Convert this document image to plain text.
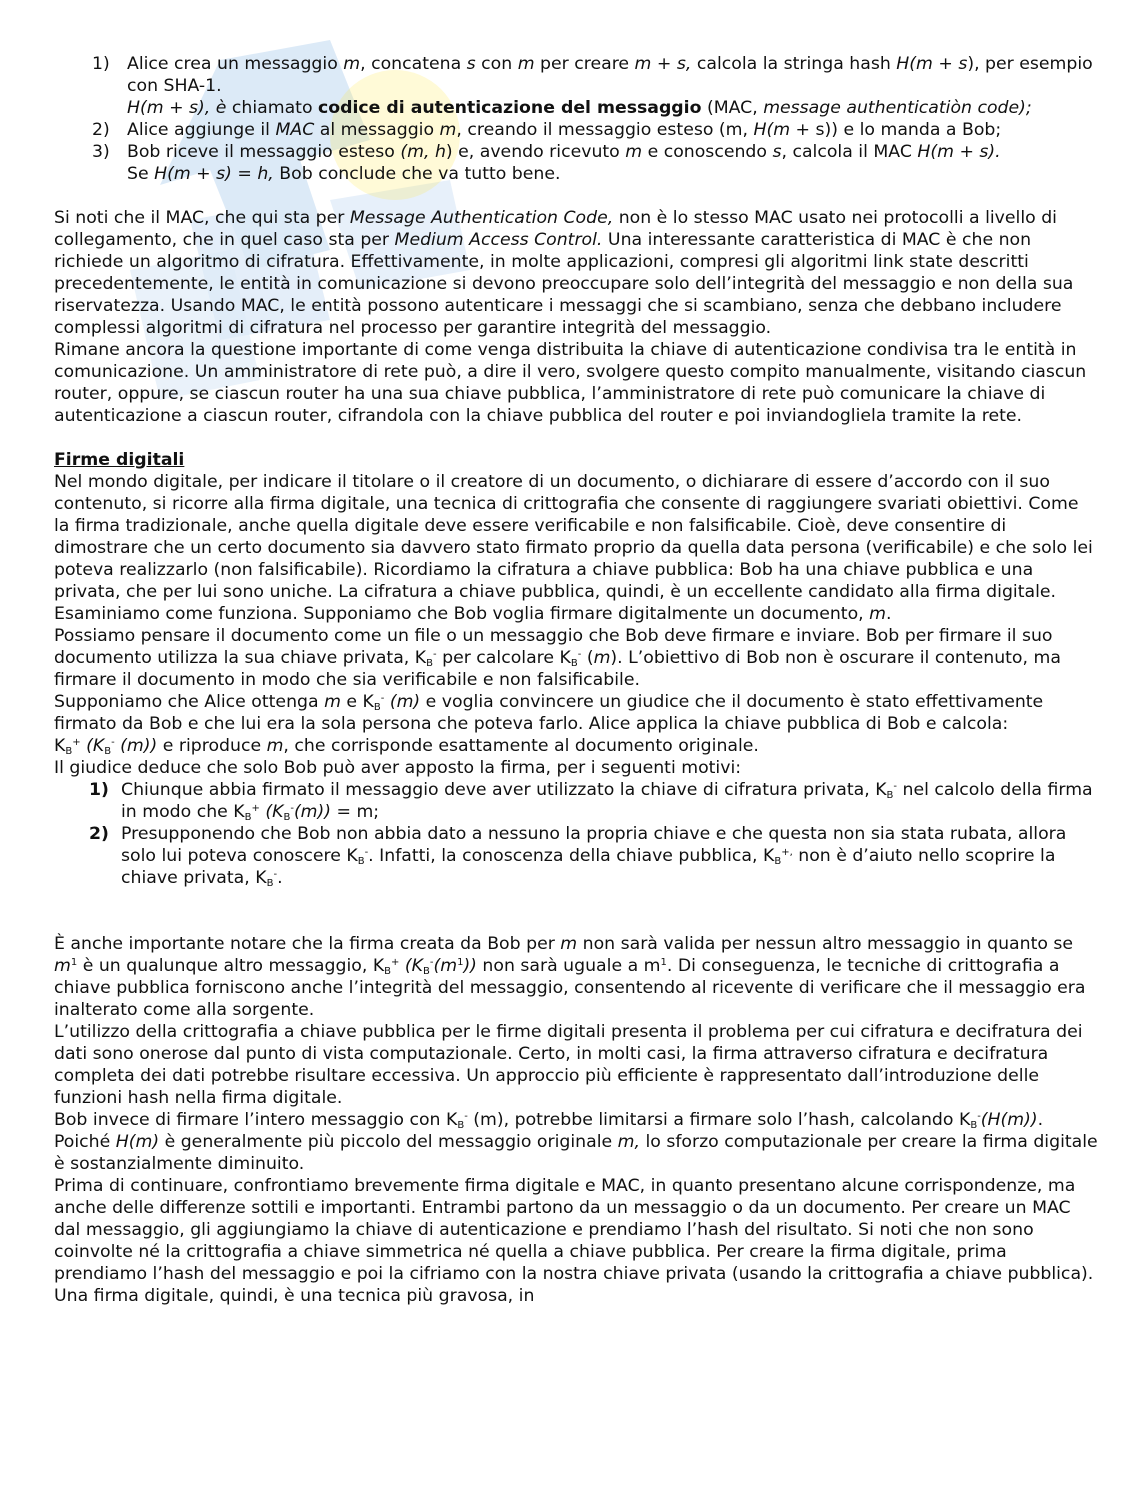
1) Alice crea un messaggio m, concatena s con m per creare m + s, calcola la stringa hash H(m + s), per esempio con SHA-1.
H(m + s), è chiamato codice di autenticazione del messaggio (MAC, message authenticatiòn code);
2) Alice aggiunge il MAC al messaggio m, creando il messaggio esteso (m, H(m + s)) e lo manda a Bob;
3) Bob riceve il messaggio esteso (m, h) e, avendo ricevuto m e conoscendo s, calcola il MAC H(m + s).
Se H(m + s) = h, Bob conclude che va tutto bene.

Si noti che il MAC, che qui sta per Message Authentication Code, non è lo stesso MAC usato nei protocolli a livello di collegamento, che in quel caso sta per Medium Access Control. Una interessante caratteristica di MAC è che non richiede un algoritmo di cifratura. Effettivamente, in molte applicazioni, compresi gli algoritmi link state descritti precedentemente, le entità in comunicazione si devono preoccupare solo dell’integrità del messaggio e non della sua riservatezza. Usando MAC, le entità possono autenticare i messaggi che si scambiano, senza che debbano includere complessi algoritmi di cifratura nel processo per garantire integrità del messaggio.

Rimane ancora la questione importante di come venga distribuita la chiave di autenticazione condivisa tra le entità in comunicazione. Un amministratore di rete può, a dire il vero, svolgere questo compito manualmente, visitando ciascun router, oppure, se ciascun router ha una sua chiave pubblica, l’amministratore di rete può comunicare la chiave di autenticazione a ciascun router, cifrandola con la chiave pubblica del router e poi inviandogliela tramite la rete.

Firme digitali

Nel mondo digitale, per indicare il titolare o il creatore di un documento, o dichiarare di essere d’accordo con il suo contenuto, si ricorre alla firma digitale, una tecnica di crittografia che consente di raggiungere svariati obiettivi. Come la firma tradizionale, anche quella digitale deve essere verificabile e non falsificabile. Cioè, deve consentire di dimostrare che un certo documento sia davvero stato firmato proprio da quella data persona (verificabile) e che solo lei poteva realizzarlo (non falsificabile). Ricordiamo la cifratura a chiave pubblica: Bob ha una chiave pubblica e una privata, che per lui sono uniche. La cifratura a chiave pubblica, quindi, è un eccellente candidato alla firma digitale. Esaminiamo come funziona. Supponiamo che Bob voglia firmare digitalmente un documento, m.

Possiamo pensare il documento come un file o un messaggio che Bob deve firmare e inviare. Bob per firmare il suo documento utilizza la sua chiave privata, $K_B^-$ per calcolare $K_B^-$ (m). L’obiettivo di Bob non è oscurare il contenuto, ma firmare il documento in modo che sia verificabile e non falsificabile.

Supponiamo che Alice ottenga m e $K_B^-$ (m) e voglia convincere un giudice che il documento è stato effettivamente firmato da Bob e che lui era la sola persona che poteva farlo. Alice applica la chiave pubblica di Bob e calcola:

$K_B^+$ ($K_B^-$ (m)) e riproduce m, che corrisponde esattamente al documento originale.

Il giudice deduce che solo Bob può aver apposto la firma, per i seguenti motivi:

1) Chiunque abbia firmato il messaggio deve aver utilizzato la chiave di cifratura privata, $K_B^-$ nel calcolo della firma in modo che $K_B^+$ $(K_B^-(m)) = m$;
2) Presupponendo che Bob non abbia dato a nessuno la propria chiave e che questa non sia stata rubata, allora solo lui poteva conoscere $K_B^-$. Infatti, la conoscenza della chiave pubblica, $K_B^{+,}$ non è d’aiuto nello scoprire la chiave privata, $K_B^-$.

È anche importante notare che la firma creata da Bob per m non sarà valida per nessun altro messaggio in quanto se $m^1$ è un qualunque altro messaggio, $K_B^+$ $(K_B^-(m^1))$ non sarà uguale a $m^1$. Di conseguenza, le tecniche di crittografia a chiave pubblica forniscono anche l’integrità del messaggio, consentendo al ricevente di verificare che il messaggio era inalterato come alla sorgente.

L’utilizzo della crittografia a chiave pubblica per le firme digitali presenta il problema per cui cifratura e decifratura dei dati sono onerose dal punto di vista computazionale. Certo, in molti casi, la firma attraverso cifratura e decifratura completa dei dati potrebbe risultare eccessiva. Un approccio più efficiente è rappresentato dall’introduzione delle funzioni hash nella firma digitale.

Bob invece di firmare l’intero messaggio con $K_B^-$ (m), potrebbe limitarsi a firmare solo l’hash, calcolando $K_B^-(H(m))$. Poiché H(m) è generalmente più piccolo del messaggio originale m, lo sforzo computazionale per creare la firma digitale è sostanzialmente diminuito.

Prima di continuare, confrontiamo brevemente firma digitale e MAC, in quanto presentano alcune corrispondenze, ma anche delle differenze sottili e importanti. Entrambi partono da un messaggio o da un documento. Per creare un MAC dal messaggio, gli aggiungiamo la chiave di autenticazione e prendiamo l’hash del risultato. Si noti che non sono coinvolte né la crittografia a chiave simmetrica né quella a chiave pubblica. Per creare la firma digitale, prima prendiamo l’hash del messaggio e poi la cifriamo con la nostra chiave privata (usando la crittografia a chiave pubblica). Una firma digitale, quindi, è una tecnica più gravosa, in
